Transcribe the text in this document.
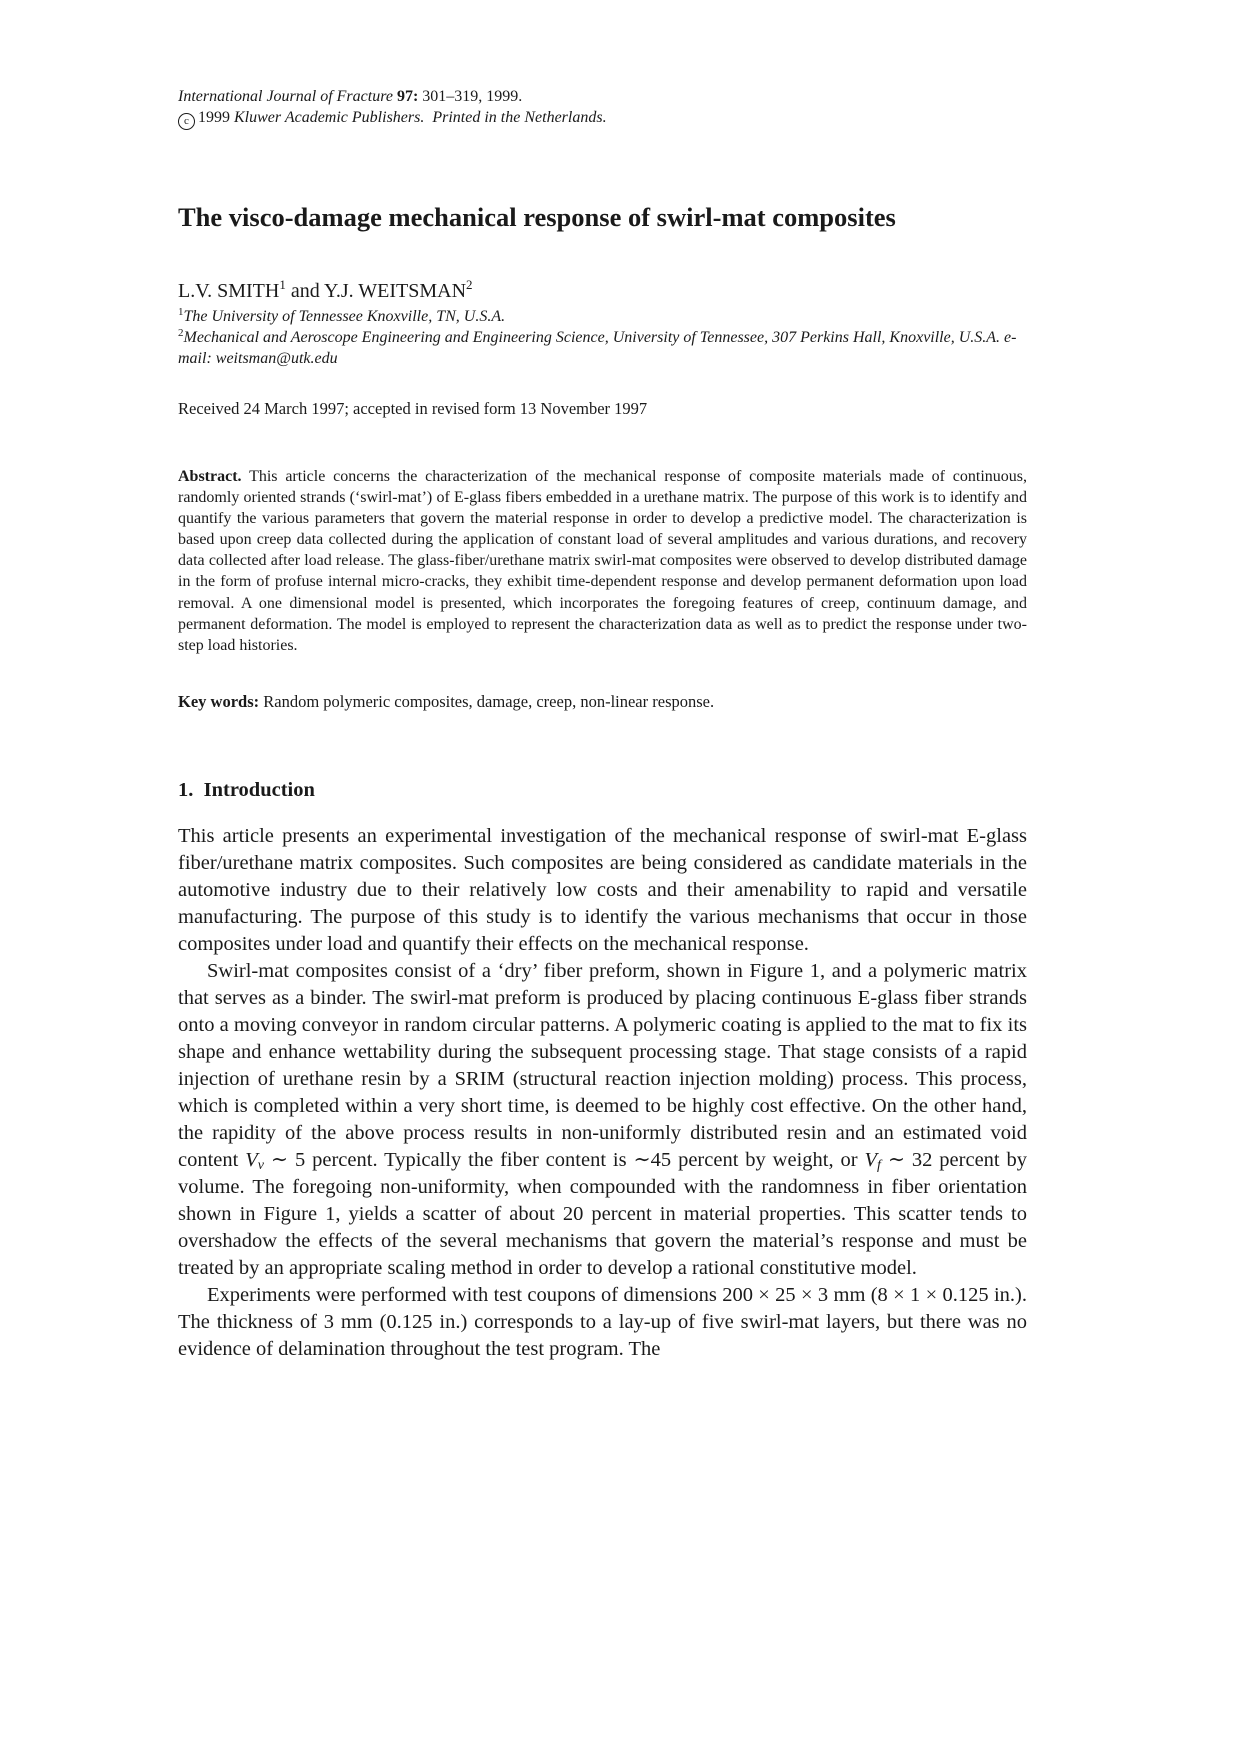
International Journal of Fracture 97: 301–319, 1999.
c 1999 Kluwer Academic Publishers. Printed in the Netherlands.
The visco-damage mechanical response of swirl-mat composites
L.V. SMITH$^1$ and Y.J. WEITSMAN$^2$
$^1$The University of Tennessee Knoxville, TN, U.S.A.
$^2$Mechanical and Aeroscope Engineering and Engineering Science, University of Tennessee, 307 Perkins Hall, Knoxville, U.S.A. e-mail: weitsman@utk.edu
Received 24 March 1997; accepted in revised form 13 November 1997

Abstract. This article concerns the characterization of the mechanical response of composite materials made of continuous, randomly oriented strands (‘swirl-mat’) of E-glass fibers embedded in a urethane matrix. The purpose of this work is to identify and quantify the various parameters that govern the material response in order to develop a predictive model. The characterization is based upon creep data collected during the application of constant load of several amplitudes and various durations, and recovery data collected after load release. The glass-fiber/urethane matrix swirl-mat composites were observed to develop distributed damage in the form of profuse internal micro-cracks, they exhibit time-dependent response and develop permanent deformation upon load removal. A one dimensional model is presented, which incorporates the foregoing features of creep, continuum damage, and permanent deformation. The model is employed to represent the characterization data as well as to predict the response under two-step load histories.

Key words: Random polymeric composites, damage, creep, non-linear response.
1. Introduction

This article presents an experimental investigation of the mechanical response of swirl-mat E-glass fiber/urethane matrix composites. Such composites are being considered as candidate materials in the automotive industry due to their relatively low costs and their amenability to rapid and versatile manufacturing. The purpose of this study is to identify the various mechanisms that occur in those composites under load and quantify their effects on the mechanical response.

Swirl-mat composites consist of a ‘dry’ fiber preform, shown in Figure 1, and a polymeric matrix that serves as a binder. The swirl-mat preform is produced by placing continuous E-glass fiber strands onto a moving conveyor in random circular patterns. A polymeric coating is applied to the mat to fix its shape and enhance wettability during the subsequent processing stage. That stage consists of a rapid injection of urethane resin by a SRIM (structural reaction injection molding) process. This process, which is completed within a very short time, is deemed to be highly cost effective. On the other hand, the rapidity of the above process results in non-uniformly distributed resin and an estimated void content $V_v$ ∼ 5 percent. Typically the fiber content is ∼45 percent by weight, or $V_f$ ∼ 32 percent by volume. The foregoing non-uniformity, when compounded with the randomness in fiber orientation shown in Figure 1, yields a scatter of about 20 percent in material properties. This scatter tends to overshadow the effects of the several mechanisms that govern the material’s response and must be treated by an appropriate scaling method in order to develop a rational constitutive model.

Experiments were performed with test coupons of dimensions 200 × 25 × 3 mm (8 × 1 × 0.125 in.). The thickness of 3 mm (0.125 in.) corresponds to a lay-up of five swirl-mat layers, but there was no evidence of delamination throughout the test program. The
